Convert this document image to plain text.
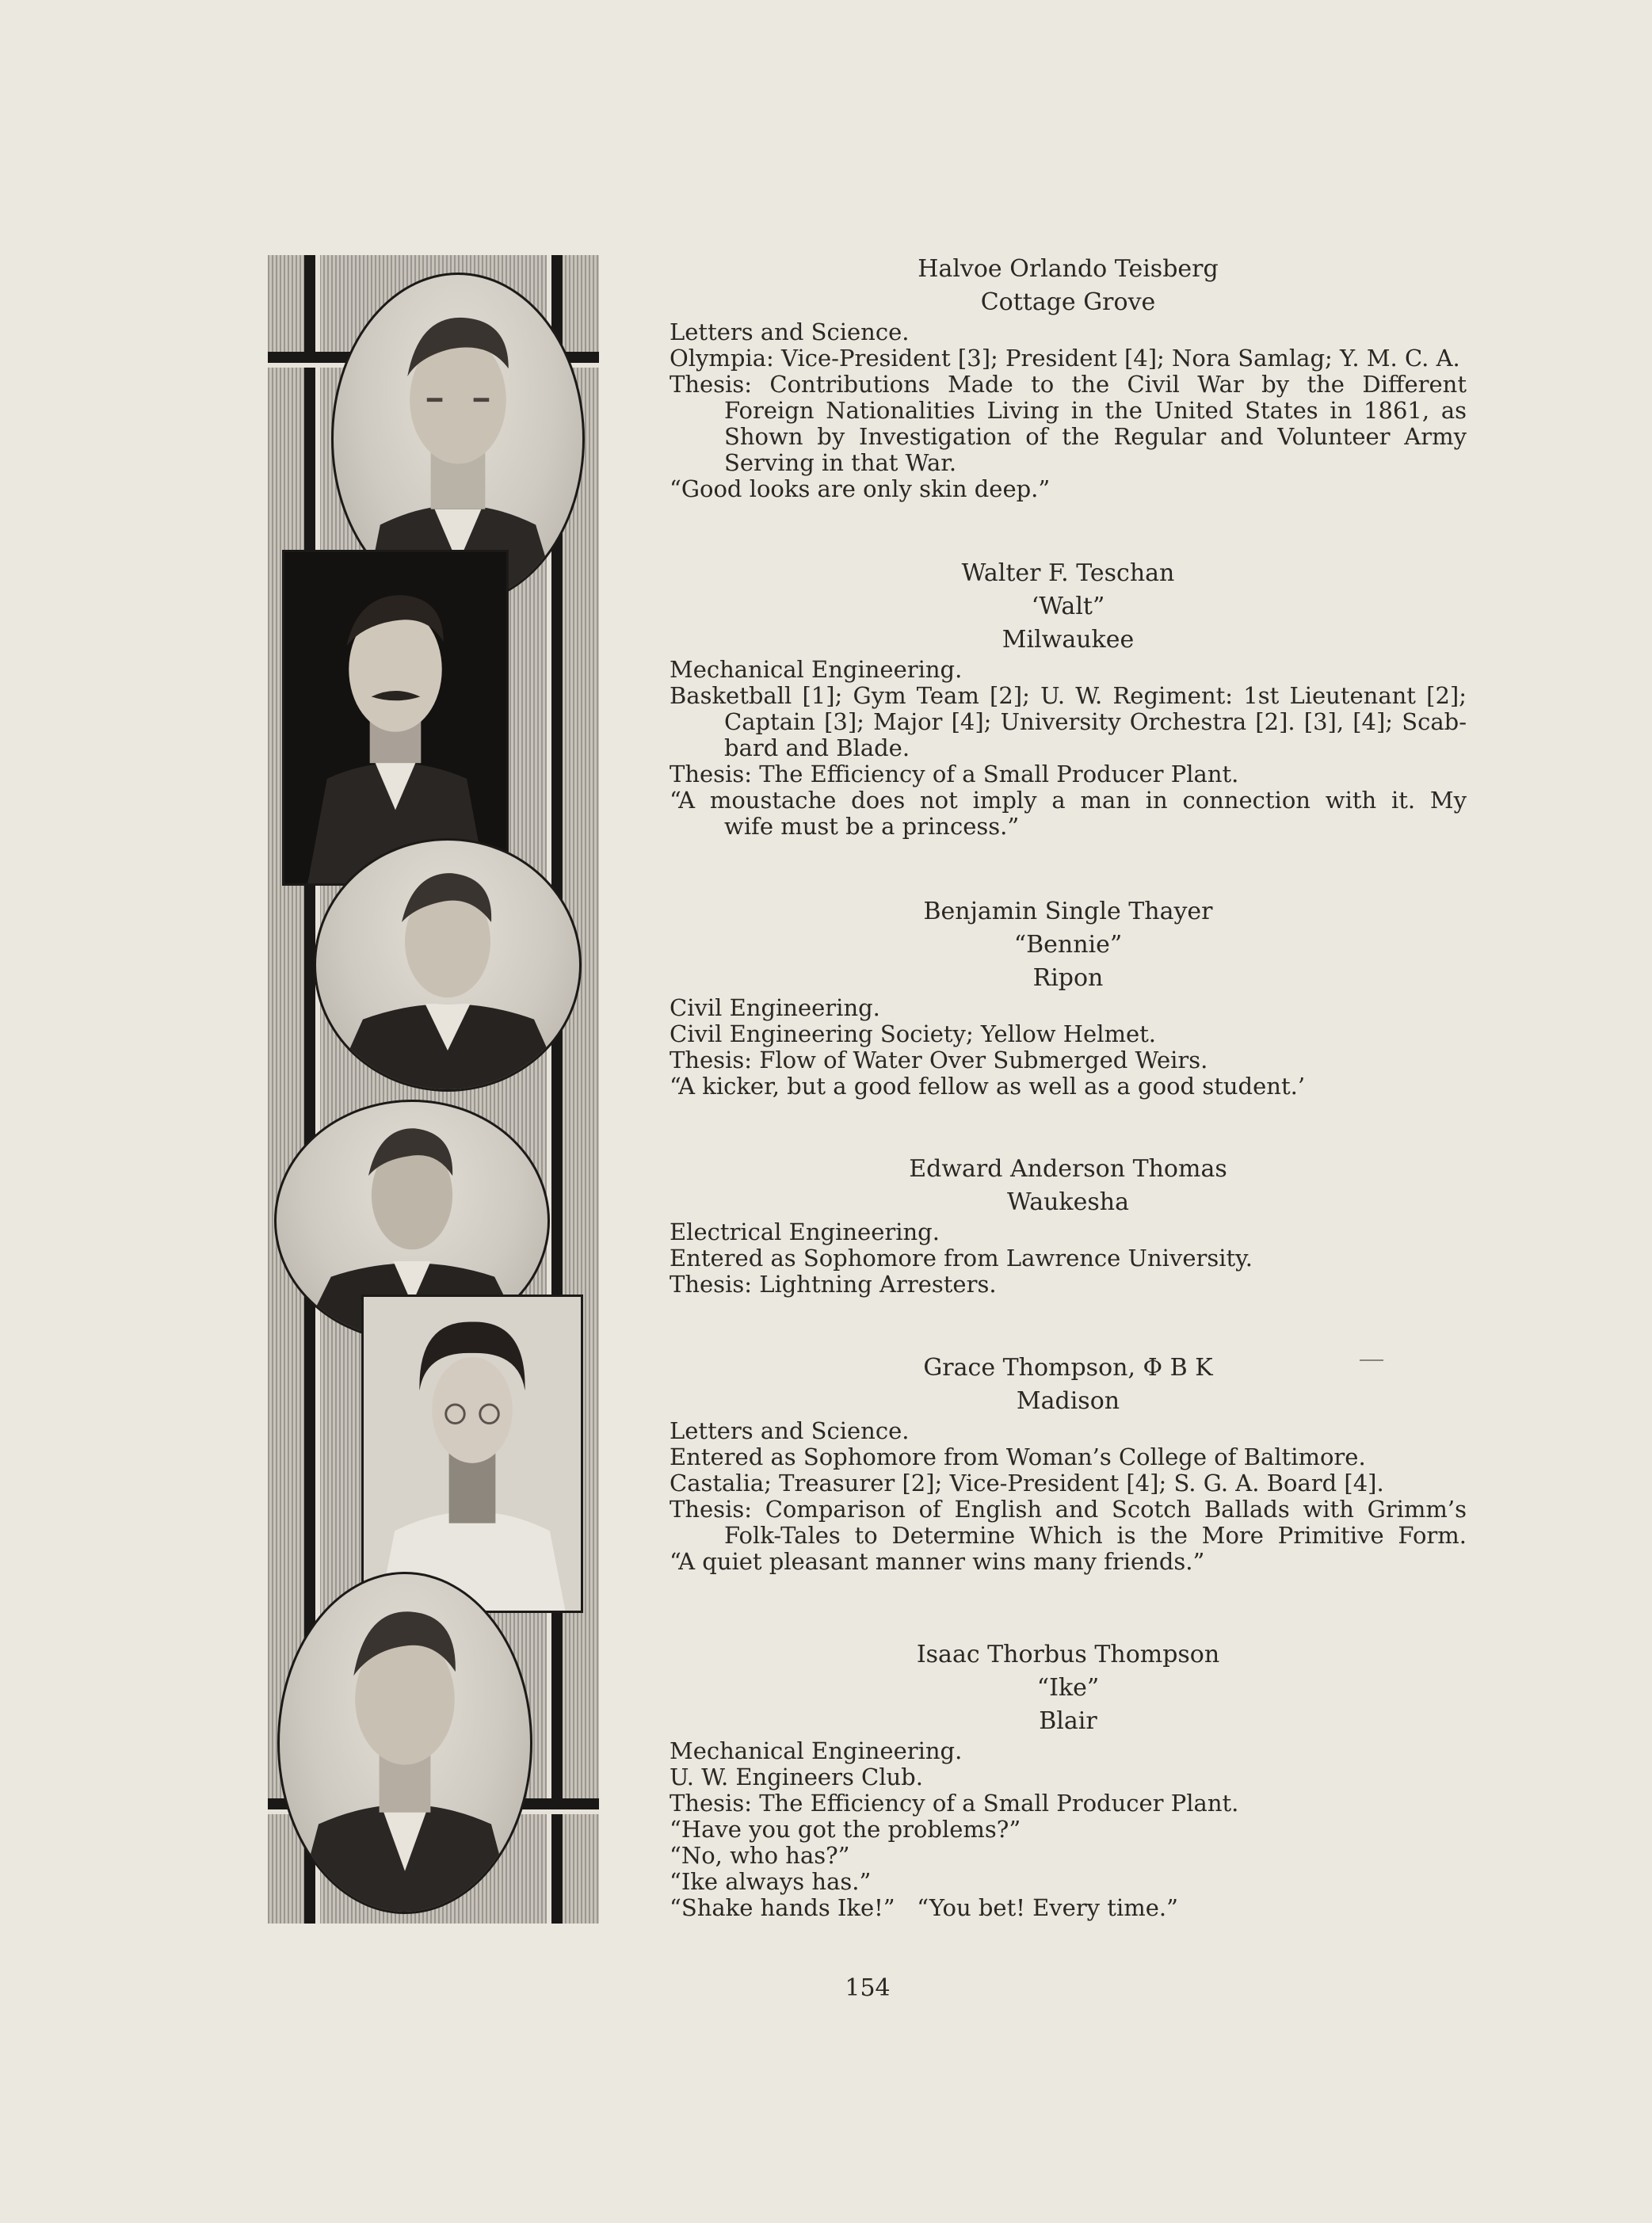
Halvoe Orlando Teisberg
Cottage Grove
Letters and Science.
Olympia: Vice-President [3]; President [4]; Nora Samlag; Y. M. C. A.
Thesis: Contributions Made to the Civil War by the Different
Foreign Nationalities Living in the United States in 1861, as
Shown by Investigation of the Regular and Volunteer Army
Serving in that War.
“Good looks are only skin deep.”
Walter F. Teschan
‘Walt”
Milwaukee
Mechanical Engineering.
Basketball [1]; Gym Team [2]; U. W. Regiment: 1st Lieutenant [2];
Captain [3]; Major [4]; University Orchestra [2]. [3], [4]; Scab-
bard and Blade.
Thesis: The Efficiency of a Small Producer Plant.
“A moustache does not imply a man in connection with it. My
wife must be a princess.”
Benjamin Single Thayer
“Bennie”
Ripon
Civil Engineering.
Civil Engineering Society; Yellow Helmet.
Thesis: Flow of Water Over Submerged Weirs.
“A kicker, but a good fellow as well as a good student.’
Edward Anderson Thomas
Waukesha
Electrical Engineering.
Entered as Sophomore from Lawrence University.
Thesis: Lightning Arresters.
Grace Thompson, Φ B K
Madison
Letters and Science.
Entered as Sophomore from Woman’s College of Baltimore.
Castalia; Treasurer [2]; Vice-President [4]; S. G. A. Board [4].
Thesis: Comparison of English and Scotch Ballads with Grimm’s
Folk-Tales to Determine Which is the More Primitive Form.
“A quiet pleasant manner wins many friends.”
Isaac Thorbus Thompson
“Ike”
Blair
Mechanical Engineering.
U. W. Engineers Club.
Thesis: The Efficiency of a Small Producer Plant.
“Have you got the problems?”
“No, who has?”
“Ike always has.”
“Shake hands Ike!”   “You bet! Every time.”
154
